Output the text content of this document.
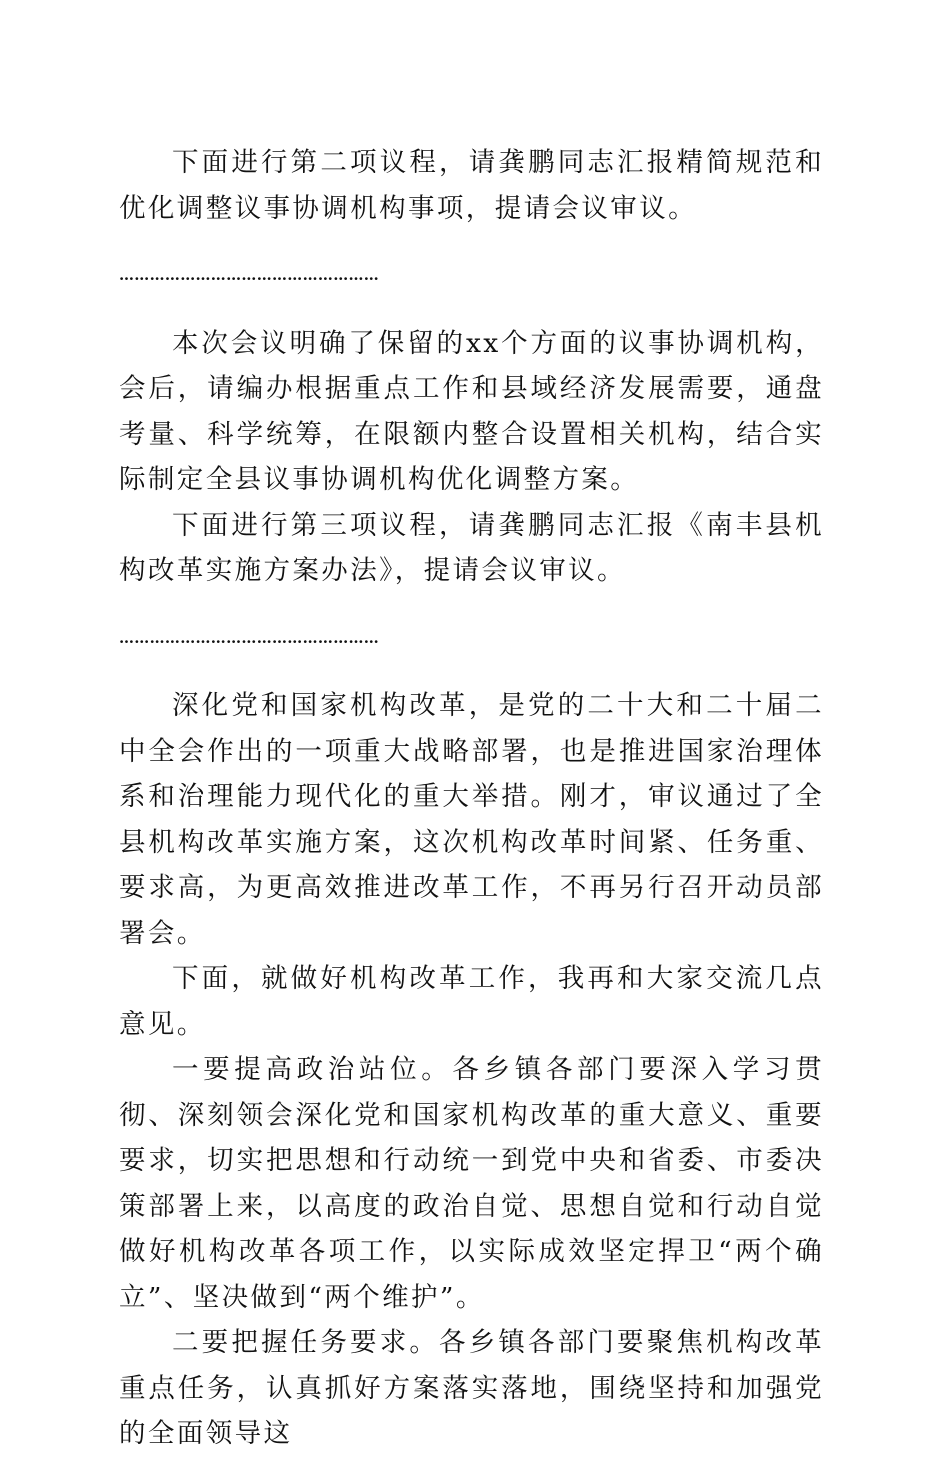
下面进行第二项议程，请龚鹏同志汇报精简规范和优化调整议事协调机构事项，提请会议审议。

……………………………………………

本次会议明确了保留的xx个方面的议事协调机构，会后，请编办根据重点工作和县域经济发展需要，通盘考量、科学统筹，在限额内整合设置相关机构，结合实际制定全县议事协调机构优化调整方案。

下面进行第三项议程，请龚鹏同志汇报《南丰县机构改革实施方案办法》，提请会议审议。

……………………………………………

深化党和国家机构改革，是党的二十大和二十届二中全会作出的一项重大战略部署，也是推进国家治理体系和治理能力现代化的重大举措。刚才，审议通过了全县机构改革实施方案，这次机构改革时间紧、任务重、要求高，为更高效推进改革工作，不再另行召开动员部署会。

下面，就做好机构改革工作，我再和大家交流几点意见。

一要提高政治站位。各乡镇各部门要深入学习贯彻、深刻领会深化党和国家机构改革的重大意义、重要要求，切实把思想和行动统一到党中央和省委、市委决策部署上来，以高度的政治自觉、思想自觉和行动自觉做好机构改革各项工作，以实际成效坚定捍卫“两个确立”、坚决做到“两个维护”。

二要把握任务要求。各乡镇各部门要聚焦机构改革重点任务，认真抓好方案落实落地，围绕坚持和加强党的全面领导这
